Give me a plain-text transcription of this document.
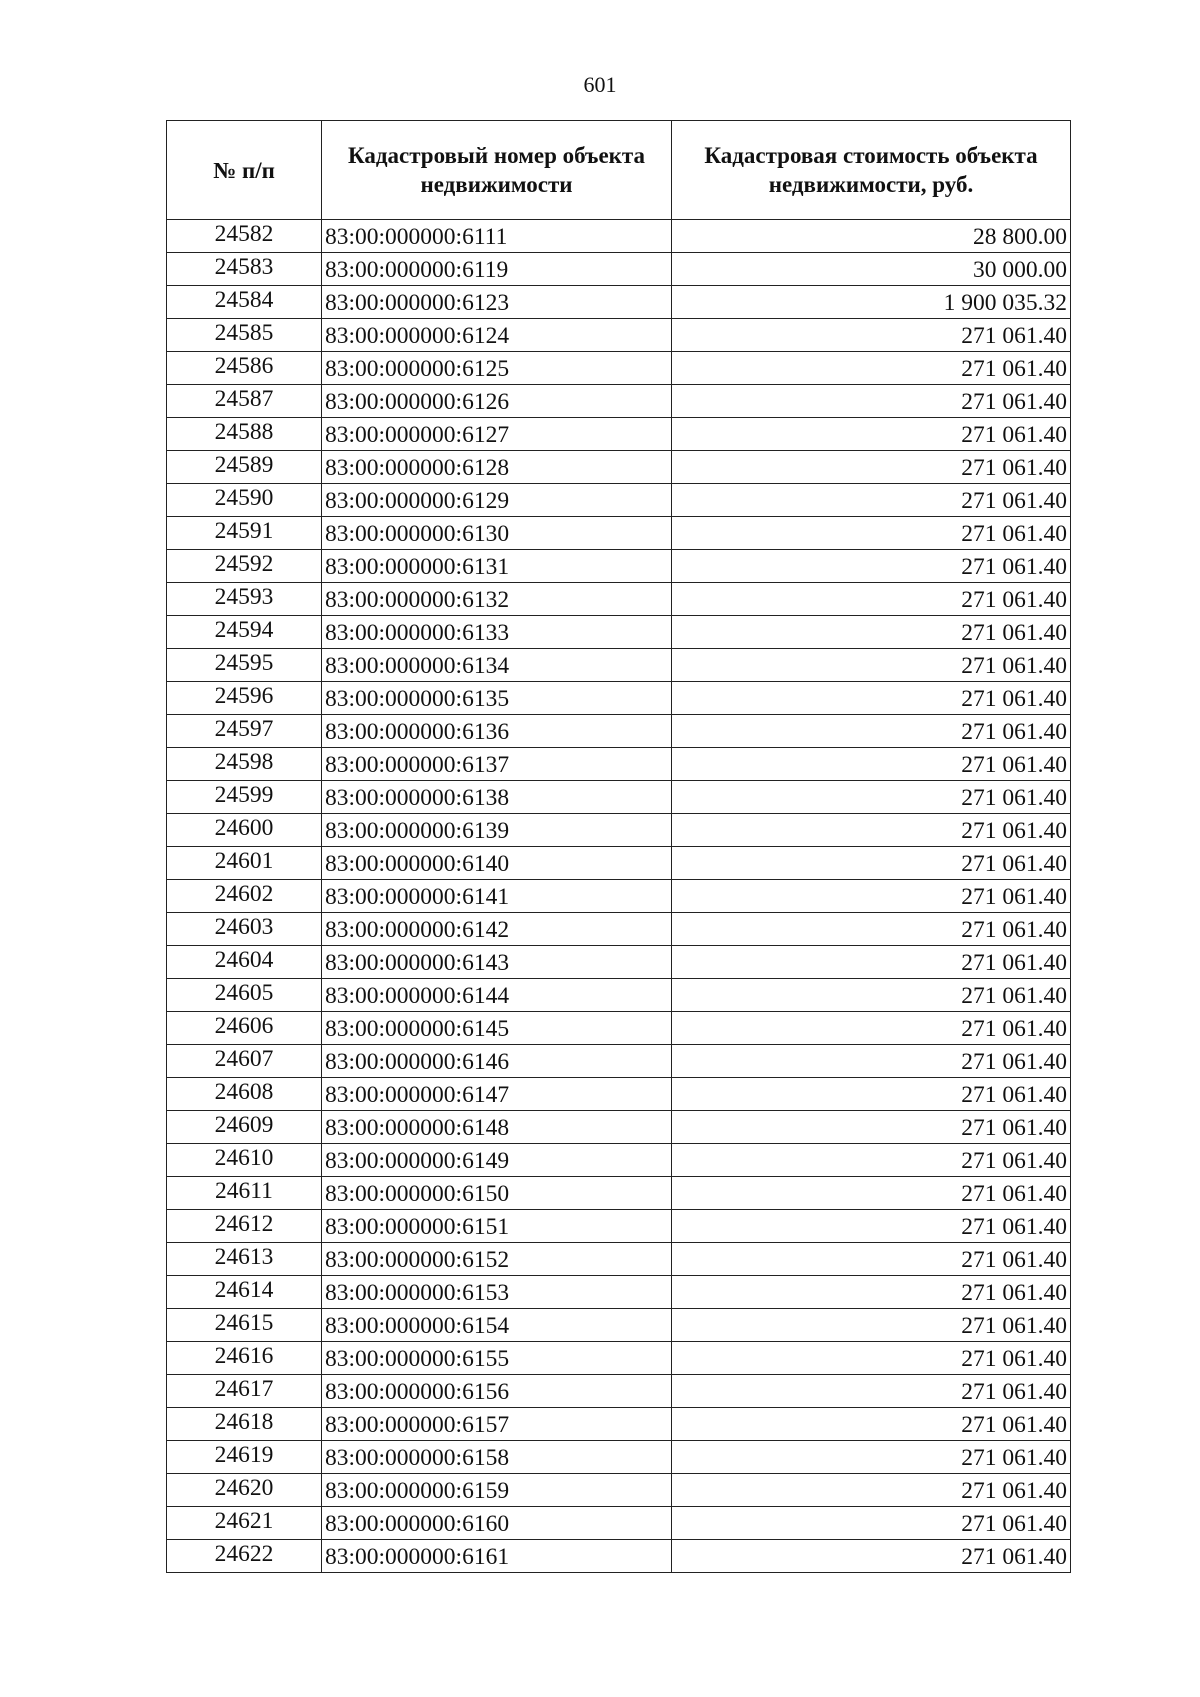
601
№ п/п	Кадастровый номер объекта недвижимости	Кадастровая стоимость объекта недвижимости, руб.
24582	83:00:000000:6111	28 800.00
24583	83:00:000000:6119	30 000.00
24584	83:00:000000:6123	1 900 035.32
24585	83:00:000000:6124	271 061.40
24586	83:00:000000:6125	271 061.40
24587	83:00:000000:6126	271 061.40
24588	83:00:000000:6127	271 061.40
24589	83:00:000000:6128	271 061.40
24590	83:00:000000:6129	271 061.40
24591	83:00:000000:6130	271 061.40
24592	83:00:000000:6131	271 061.40
24593	83:00:000000:6132	271 061.40
24594	83:00:000000:6133	271 061.40
24595	83:00:000000:6134	271 061.40
24596	83:00:000000:6135	271 061.40
24597	83:00:000000:6136	271 061.40
24598	83:00:000000:6137	271 061.40
24599	83:00:000000:6138	271 061.40
24600	83:00:000000:6139	271 061.40
24601	83:00:000000:6140	271 061.40
24602	83:00:000000:6141	271 061.40
24603	83:00:000000:6142	271 061.40
24604	83:00:000000:6143	271 061.40
24605	83:00:000000:6144	271 061.40
24606	83:00:000000:6145	271 061.40
24607	83:00:000000:6146	271 061.40
24608	83:00:000000:6147	271 061.40
24609	83:00:000000:6148	271 061.40
24610	83:00:000000:6149	271 061.40
24611	83:00:000000:6150	271 061.40
24612	83:00:000000:6151	271 061.40
24613	83:00:000000:6152	271 061.40
24614	83:00:000000:6153	271 061.40
24615	83:00:000000:6154	271 061.40
24616	83:00:000000:6155	271 061.40
24617	83:00:000000:6156	271 061.40
24618	83:00:000000:6157	271 061.40
24619	83:00:000000:6158	271 061.40
24620	83:00:000000:6159	271 061.40
24621	83:00:000000:6160	271 061.40
24622	83:00:000000:6161	271 061.40
